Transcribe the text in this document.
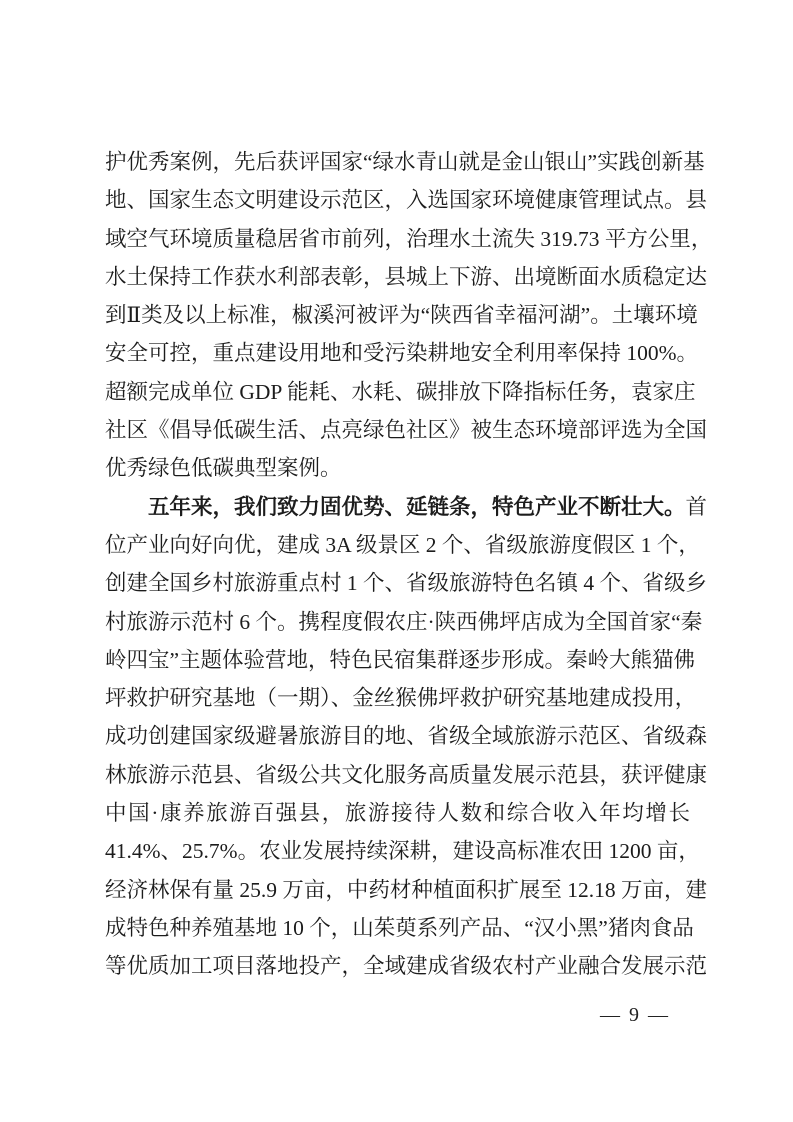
护优秀案例，先后获评国家“绿水青山就是金山银山”实践创新基
地、国家生态文明建设示范区，入选国家环境健康管理试点。县
域空气环境质量稳居省市前列，治理水土流失 319.73 平方公里，
水土保持工作获水利部表彰，县城上下游、出境断面水质稳定达
到Ⅱ类及以上标准，椒溪河被评为“陕西省幸福河湖”。土壤环境
安全可控，重点建设用地和受污染耕地安全利用率保持 100%。
超额完成单位 GDP 能耗、水耗、碳排放下降指标任务，袁家庄
社区《倡导低碳生活、点亮绿色社区》被生态环境部评选为全国
优秀绿色低碳典型案例。
五年来，我们致力固优势、延链条，特色产业不断壮大。首
位产业向好向优，建成 3A 级景区 2 个、省级旅游度假区 1 个，
创建全国乡村旅游重点村 1 个、省级旅游特色名镇 4 个、省级乡
村旅游示范村 6 个。携程度假农庄·陕西佛坪店成为全国首家“秦
岭四宝”主题体验营地，特色民宿集群逐步形成。秦岭大熊猫佛
坪救护研究基地（一期）、金丝猴佛坪救护研究基地建成投用，
成功创建国家级避暑旅游目的地、省级全域旅游示范区、省级森
林旅游示范县、省级公共文化服务高质量发展示范县，获评健康
中国·康养旅游百强县，旅游接待人数和综合收入年均增长
41.4%、25.7%。农业发展持续深耕，建设高标准农田 1200 亩，
经济林保有量 25.9 万亩，中药材种植面积扩展至 12.18 万亩，建
成特色种养殖基地 10 个，山茱萸系列产品、“汉小黑”猪肉食品
等优质加工项目落地投产，全域建成省级农村产业融合发展示范
— 9 —
